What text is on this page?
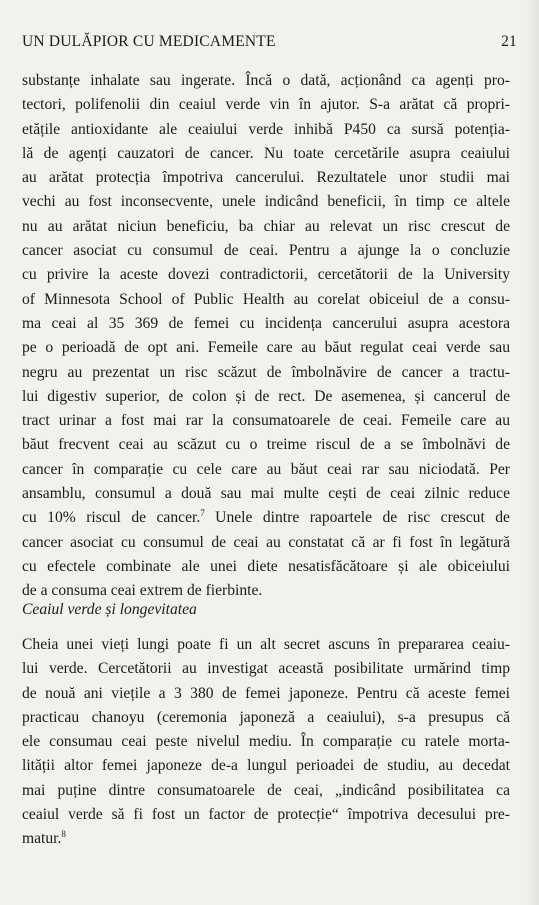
UN DULĂPIOR CU MEDICAMENTE	21
substanțe inhalate sau ingerate. Încă o dată, acționând ca agenți pro-
tectori, polifenolii din ceaiul verde vin în ajutor. S-a arătat că propri-
etățile antioxidante ale ceaiului verde inhibă P450 ca sursă potenția-
lă de agenți cauzatori de cancer. Nu toate cercetările asupra ceaiului
au arătat protecția împotriva cancerului. Rezultatele unor studii mai
vechi au fost inconsecvente, unele indicând beneficii, în timp ce altele
nu au arătat niciun beneficiu, ba chiar au relevat un risc crescut de
cancer asociat cu consumul de ceai. Pentru a ajunge la o concluzie
cu privire la aceste dovezi contradictorii, cercetătorii de la University
of Minnesota School of Public Health au corelat obiceiul de a consu-
ma ceai al 35 369 de femei cu incidența cancerului asupra acestora
pe o perioadă de opt ani. Femeile care au băut regulat ceai verde sau
negru au prezentat un risc scăzut de îmbolnăvire de cancer a tractu-
lui digestiv superior, de colon și de rect. De asemenea, și cancerul de
tract urinar a fost mai rar la consumatoarele de ceai. Femeile care au
băut frecvent ceai au scăzut cu o treime riscul de a se îmbolnăvi de
cancer în comparație cu cele care au băut ceai rar sau niciodată. Per
ansamblu, consumul a două sau mai multe cești de ceai zilnic reduce
cu 10% riscul de cancer.$^7$ Unele dintre rapoartele de risc crescut de
cancer asociat cu consumul de ceai au constatat că ar fi fost în legătură
cu efectele combinate ale unei diete nesatisfăcătoare și ale obiceiului
de a consuma ceai extrem de fierbinte.
Ceaiul verde și longevitatea
Cheia unei vieți lungi poate fi un alt secret ascuns în prepararea ceaiu-
lui verde. Cercetătorii au investigat această posibilitate urmărind timp
de nouă ani viețile a 3 380 de femei japoneze. Pentru că aceste femei
practicau chanoyu (ceremonia japoneză a ceaiului), s-a presupus că
ele consumau ceai peste nivelul mediu. În comparație cu ratele morta-
lității altor femei japoneze de-a lungul perioadei de studiu, au decedat
mai puține dintre consumatoarele de ceai, „indicând posibilitatea ca
ceaiul verde să fi fost un factor de protecție“ împotriva decesului pre-
matur.$^8$
